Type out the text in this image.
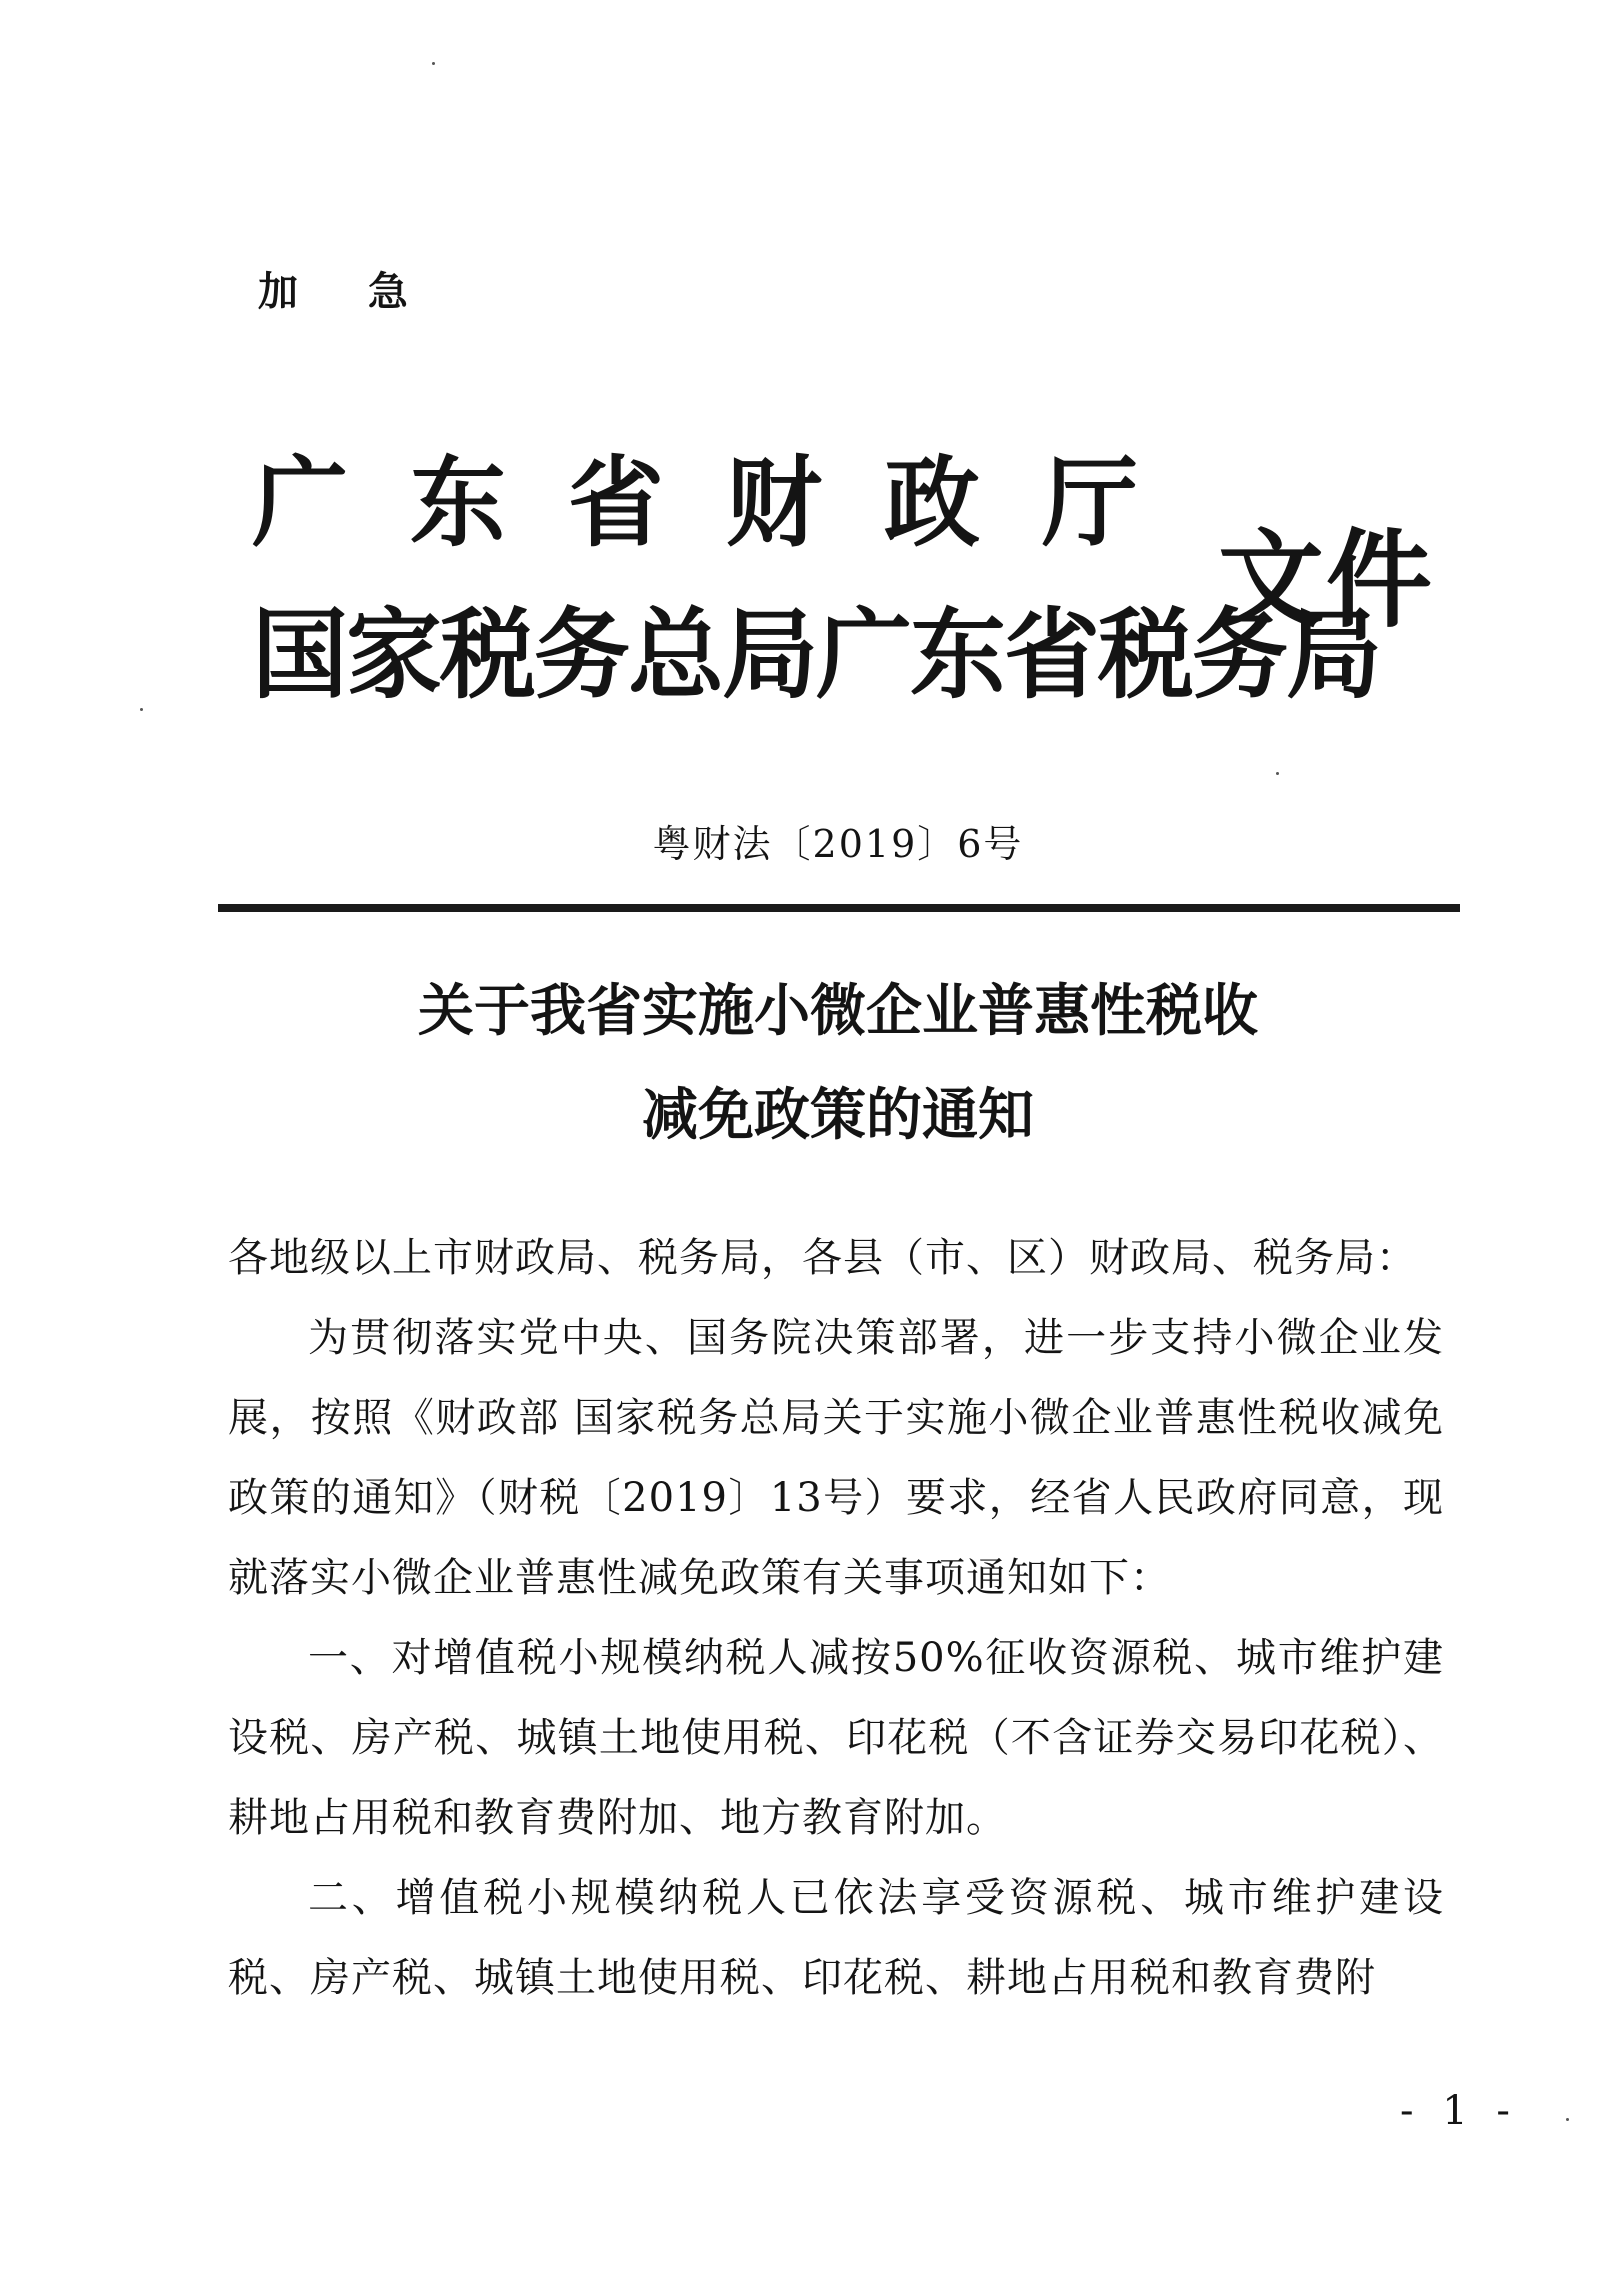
加 急
广东省财政厅
国家税务总局广东省税务局
文件
粤财法〔2019〕6号
关于我省实施小微企业普惠性税收
减免政策的通知
各地级以上市财政局、税务局，各县（市、区）财政局、税务局：

为贯彻落实党中央、国务院决策部署，进一步支持小微企业发展，按照《财政部 国家税务总局关于实施小微企业普惠性税收减免政策的通知》（财税〔2019〕13号）要求，经省人民政府同意，现就落实小微企业普惠性减免政策有关事项通知如下：

一、对增值税小规模纳税人减按50%征收资源税、城市维护建设税、房产税、城镇土地使用税、印花税（不含证券交易印花税）、耕地占用税和教育费附加、地方教育附加。

二、增值税小规模纳税人已依法享受资源税、城市维护建设税、房产税、城镇土地使用税、印花税、耕地占用税和教育费附

- 1 -
